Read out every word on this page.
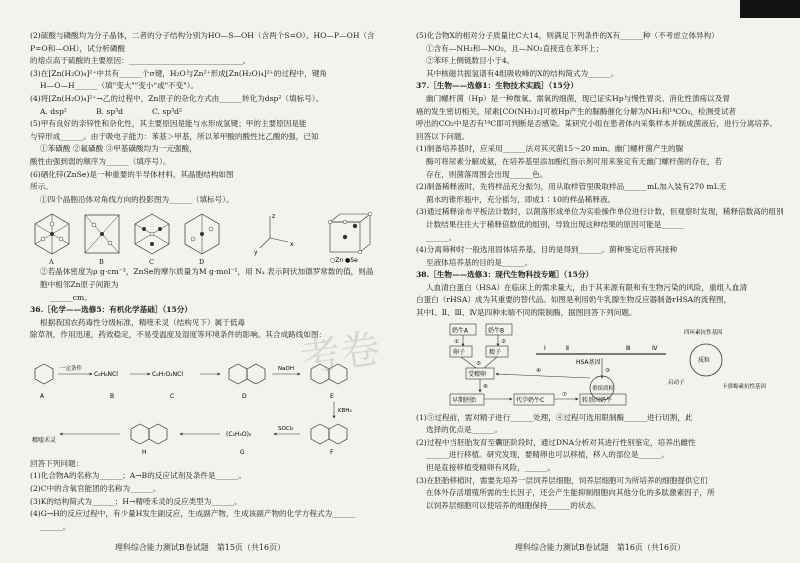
(2)硫酸与磷酸均为分子晶体，二者的分子结构分别为HO—S—OH（含两个S=O）、HO—P—OH（含P=O和—OH），试分析磷酸

的熔点高于硫酸的主要原因：______________________________。

(3)在[Zn(H₂O)₄]²⁺中共有______个σ键，H₂O与Zn²⁺形成[Zn(H₂O)₄]²⁺的过程中，键角

H—O—H______（填"变大""变小"或"不变"）。

(4)将[Zn(H₂O)₄]²⁺→乙的过程中，Zn原子的杂化方式由______转化为dsp²（填标号）。

A. dsp²	B. sp³d	C. sp³d²

(5)甲有良好的亲锌性和杂化性，其主要原因是能与水形成氢键；甲的主要原因是能

与锌形成______。由于吸电子能力：苯基＞甲基，所以苯甲酸的酸性比乙酸的强，已知

①苯磺酸 ②氟磺酸 ③甲基磺酸均为一元强酸，

酸性由强到弱的顺序为______（填序号）。

(6)硒化锌(ZnSe)是一种重要的半导体材料，其晶胞结构如图

所示。

①四个晶胞沿体对角线方向的投影图为______（填标号）。

x
y
z
○Zn ●Se
A	B	C	D

②若晶体密度为ρ g·cm⁻³，ZnSe的摩尔质量为M g·mol⁻¹，用 Nₐ 表示阿伏加德罗常数的值，则晶胞中相邻Zn原子间距为

______cm。

36.［化学——选修5：有机化学基础］（15分）

根据我国农药毒性分级标准，精喹禾灵（结构见下）属于低毒

除草剂，作用迅速，药效稳定，不易受温度及湿度等环境条件的影响。其合成路线如图：

A
一定条件
C₈H₆NCl
B
C₈H₇O₂NCl
C	D
NaOH
E
KBH₄
F
SOCl₂
(C₂H₅O)₂
G
H
精喹禾灵

回答下列问题：

(1)化合物A的名称为______；A→B的反应试剂及条件是______。

(2)C中的含氧官能团的名称为______。

(3)K的结构简式为______；H→精喹禾灵的反应类型为______。

(4)G→H的反应过程中，有少量H发生副反应，生成副产物，生成该副产物的化学方程式为______

______。

理科综合能力测试B卷试题　第15页（共16页）

(5)化合物X的相对分子质量比C大14，则满足下列条件的X有______种（不考虑立体异构）

①含有—NH₂和—NO₂，且—NO₂直接连在苯环上；

②苯环上侧链数目小于4。

其中核磁共振氢谱有4组吸收峰的X的结构简式为______。

37.［生物——选修1：生物技术实践］（15分）

幽门螺杆菌（Hp）是一种微氧、需氧的细菌，现已证实Hp与慢性胃炎、消化性溃疡以及胃

癌的发生密切相关，尿素[CO(NH₂)₂]可被Hp产生的脲酶催化分解为NH₃和¹⁴CO₂，检测受试者

呼出的CO₂中是否有¹⁴C即可判断是否感染。某研究小组在患者体内采集样本并制成菌液后，进行分离培养。

回答以下问题。

(1)制备培养基时，应采用______法对其灭菌15～20 min。幽门螺杆菌产生的脲

酶可将尿素分解成氨，在培养基里添加酚红指示剂可用来鉴定有无幽门螺杆菌的存在，若

存在，则菌落周围会出现______色。

(2)制备稀释液时，先将样品充分振匀，用从取样管里吸取样品______mL加入装有270 mL无

菌水的锥形瓶中，充分摇匀，即成1∶10的样品稀释液。

(3)通过稀释涂布平板法计数时，以菌落形成单位为实验操作单位进行计数，但观察时发现，稀释倍数高的组别

计数结果往往大于稀释倍数低的组别，导致出现这种结果的原因可能是______

______。

(4)分离筛种时一般选用固体培养基，目的是得到______。菌种鉴定后将其接种

至液体培养基的目的是______。

38.［生物——选修3：现代生物科技专题］（15分）

人血清白蛋白（HSA）在临床上的需求量大，由于其来源有限和有生物污染的风险，重组人血清

白蛋白（rHSA）成为其重要的替代品。如图是利用奶牛乳腺生物反应器制备rHSA的流程图，

其中Ⅰ、Ⅱ、Ⅲ、Ⅳ是四种未端不同的限制酶，据图回答下列问题。

奶牛A	奶牛B
卵子	精子
①	②
受精卵
⑤
⑥
早期胚胎	代孕奶牛C
⑦
转基因奶牛
HSA基因
Ⅰ	Ⅱ	Ⅲ	Ⅳ
③
重组质粒
④
质粒
四环素抗性基因
卡那霉素抗性基因
启动子

(1)⑤过程前，需对精子进行______处理，④过程可选用限制酶______进行切割，此

选择的优点是______。

(2)过程中当胚胎发育至囊胚阶段时，通过DNA分析对其进行性别鉴定，培养出雌性

______进行移植。研究发现，要精卵也可以移植，移入的部位是______。

但是直接移植受精卵有风险，______。

(3)在胚胎移植时，需要先培养一层饲养层细胞，饲养层细胞可为所培养的细胞提供它们

在体外存活增殖所需的生长因子，还会产生能抑制细胞向其他分化的多肽激素因子，所

以饲养层细胞可以使培养的细胞保持______的状态。

理科综合能力测试B卷试题　第16页（共16页）
考卷
